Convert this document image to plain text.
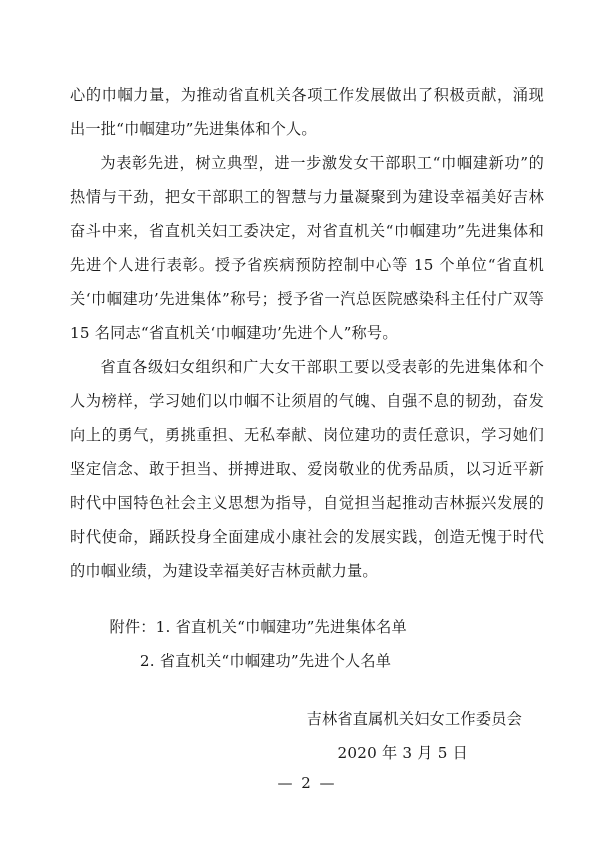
心的巾帼力量，为推动省直机关各项工作发展做出了积极贡献，涌现出一批“巾帼建功”先进集体和个人。

为表彰先进，树立典型，进一步激发女干部职工“巾帼建新功”的热情与干劲，把女干部职工的智慧与力量凝聚到为建设幸福美好吉林奋斗中来，省直机关妇工委决定，对省直机关“巾帼建功”先进集体和先进个人进行表彰。授予省疾病预防控制中心等 15 个单位“省直机关‘巾帼建功’先进集体”称号；授予省一汽总医院感染科主任付广双等 15 名同志“省直机关‘巾帼建功’先进个人”称号。

省直各级妇女组织和广大女干部职工要以受表彰的先进集体和个人为榜样，学习她们以巾帼不让须眉的气魄、自强不息的韧劲，奋发向上的勇气，勇挑重担、无私奉献、岗位建功的责任意识，学习她们坚定信念、敢于担当、拼搏进取、爱岗敬业的优秀品质，以习近平新时代中国特色社会主义思想为指导，自觉担当起推动吉林振兴发展的时代使命，踊跃投身全面建成小康社会的发展实践，创造无愧于时代的巾帼业绩，为建设幸福美好吉林贡献力量。

附件：1. 省直机关“巾帼建功”先进集体名单
2. 省直机关“巾帼建功”先进个人名单
吉林省直属机关妇女工作委员会
2020 年 3 月 5 日
— 2 —
